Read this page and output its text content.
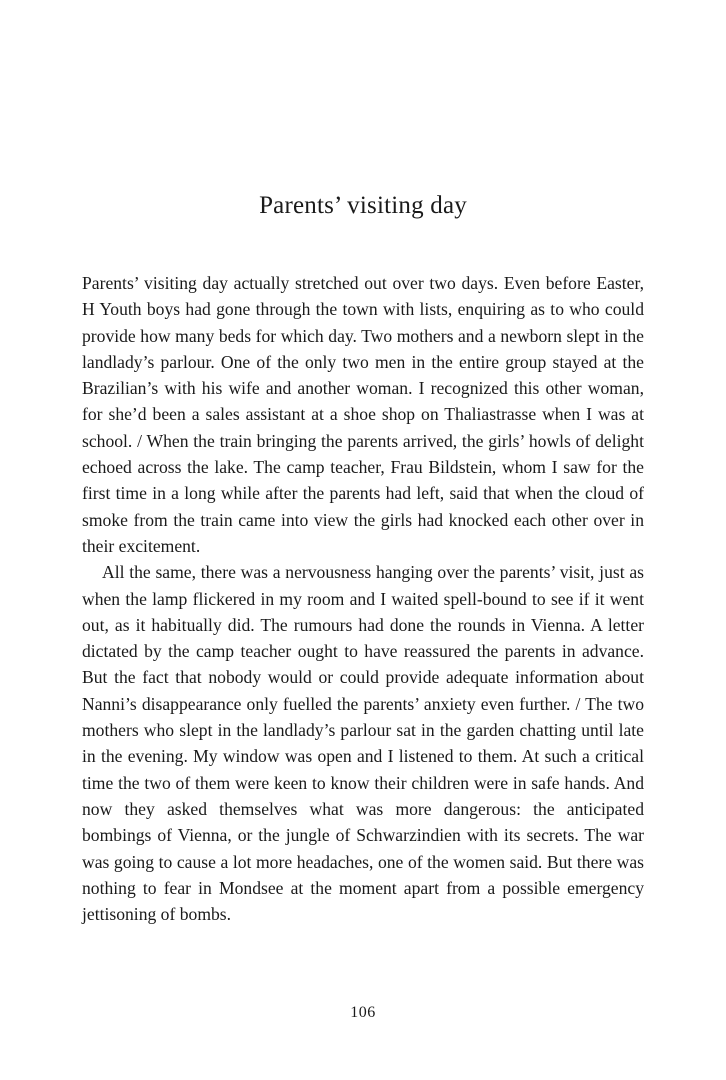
Parents’ visiting day

Parents’ visiting day actually stretched out over two days. Even before Easter, H Youth boys had gone through the town with lists, enquiring as to who could provide how many beds for which day. Two mothers and a newborn slept in the landlady’s parlour. One of the only two men in the entire group stayed at the Brazilian’s with his wife and another woman. I recognized this other woman, for she’d been a sales assistant at a shoe shop on Thaliastrasse when I was at school. / When the train bringing the parents arrived, the girls’ howls of delight echoed across the lake. The camp teacher, Frau Bildstein, whom I saw for the first time in a long while after the parents had left, said that when the cloud of smoke from the train came into view the girls had knocked each other over in their excitement.

All the same, there was a nervousness hanging over the parents’ visit, just as when the lamp flickered in my room and I waited spell-bound to see if it went out, as it habitually did. The rumours had done the rounds in Vienna. A letter dictated by the camp teacher ought to have reassured the parents in advance. But the fact that nobody would or could provide adequate information about Nanni’s disappearance only fuelled the parents’ anxiety even further. / The two mothers who slept in the landlady’s parlour sat in the garden chatting until late in the evening. My window was open and I listened to them. At such a critical time the two of them were keen to know their children were in safe hands. And now they asked themselves what was more dangerous: the anticipated bombings of Vienna, or the jungle of Schwarzindien with its secrets. The war was going to cause a lot more headaches, one of the women said. But there was nothing to fear in Mondsee at the moment apart from a possible emergency jettisoning of bombs.

106
